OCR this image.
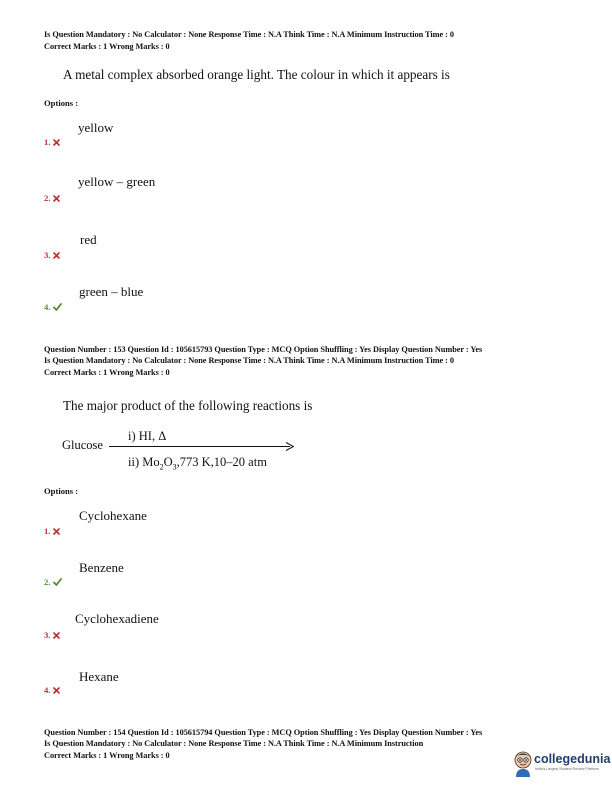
Is Question Mandatory : No Calculator : None Response Time : N.A Think Time : N.A Minimum Instruction Time : 0
Correct Marks : 1 Wrong Marks : 0
A metal complex absorbed orange light. The colour in which it appears is
Options :
yellow
1.
yellow – green
2.
red
3.
green – blue
4.
Question Number : 153 Question Id : 105615793 Question Type : MCQ Option Shuffling : Yes Display Question Number : Yes
Is Question Mandatory : No Calculator : None Response Time : N.A Think Time : N.A Minimum Instruction Time : 0
Correct Marks : 1 Wrong Marks : 0
The major product of the following reactions is
Glucose
i) HI, Δ
ii) $Mo_2O_3,773$ K,10–20 atm
Options :
Cyclohexane
1.
Benzene
2.
Cyclohexadiene
3.
Hexane
4.
Question Number : 154 Question Id : 105615794 Question Type : MCQ Option Shuffling : Yes Display Question Number : Yes
Is Question Mandatory : No Calculator : None Response Time : N.A Think Time : N.A Minimum Instruction
Correct Marks : 1 Wrong Marks : 0	collegedunia
India's Largest Student Review Platform
